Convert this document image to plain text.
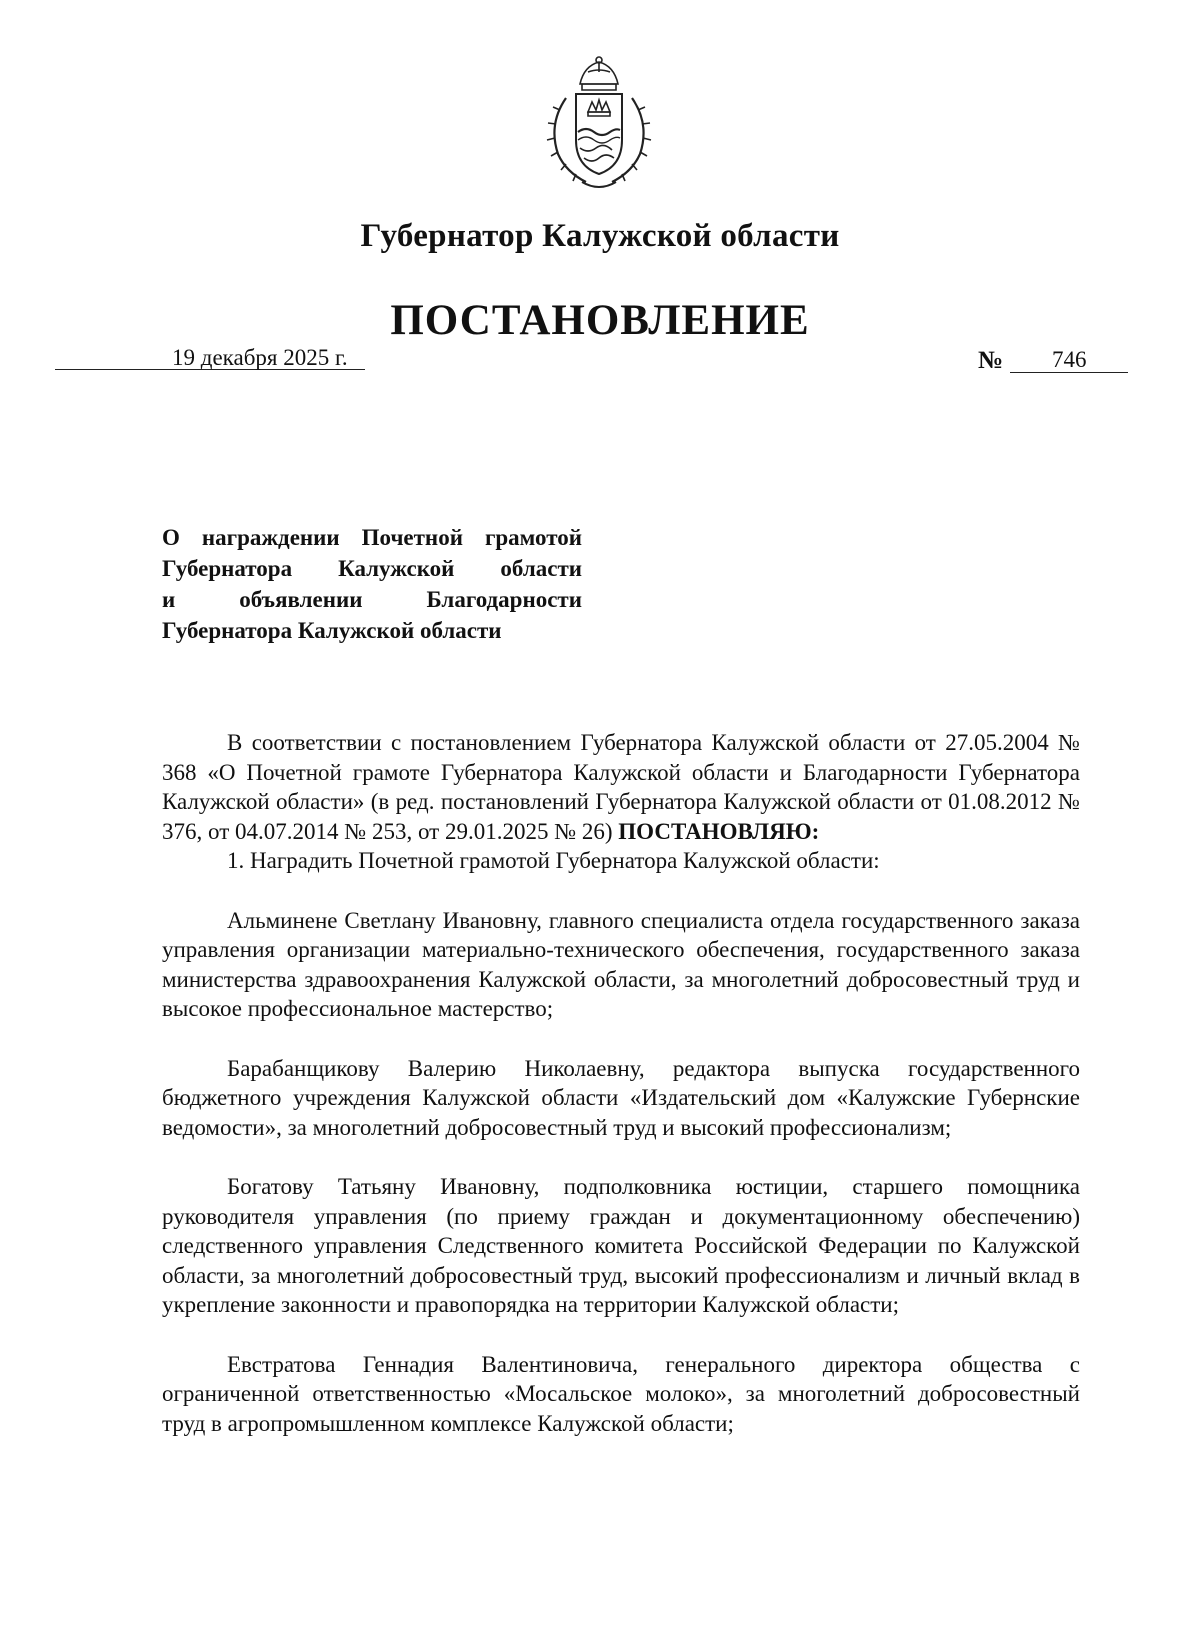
Губернатор Калужской области
ПОСТАНОВЛЕНИЕ
19 декабря 2025 г.	№ 746
О награждении Почетной грамотой
Губернатора Калужской области
и объявлении Благодарности
Губернатора Калужской области

В соответствии с постановлением Губернатора Калужской области от 27.05.2004 № 368 «О Почетной грамоте Губернатора Калужской области и Благодарности Губернатора Калужской области» (в ред. постановлений Губернатора Калужской области от 01.08.2012 № 376, от 04.07.2014 № 253, от 29.01.2025 № 26) ПОСТАНОВЛЯЮ:

1. Наградить Почетной грамотой Губернатора Калужской области:

Альминене Светлану Ивановну, главного специалиста отдела государственного заказа управления организации материально-технического обеспечения, государственного заказа министерства здравоохранения Калужской области, за многолетний добросовестный труд и высокое профессиональное мастерство;

Барабанщикову Валерию Николаевну, редактора выпуска государственного бюджетного учреждения Калужской области «Издательский дом «Калужские Губернские ведомости», за многолетний добросовестный труд и высокий профессионализм;

Богатову Татьяну Ивановну, подполковника юстиции, старшего помощника руководителя управления (по приему граждан и документационному обеспечению) следственного управления Следственного комитета Российской Федерации по Калужской области, за многолетний добросовестный труд, высокий профессионализм и личный вклад в укрепление законности и правопорядка на территории Калужской области;

Евстратова Геннадия Валентиновича, генерального директора общества с ограниченной ответственностью «Мосальское молоко», за многолетний добросовестный труд в агропромышленном комплексе Калужской области;
